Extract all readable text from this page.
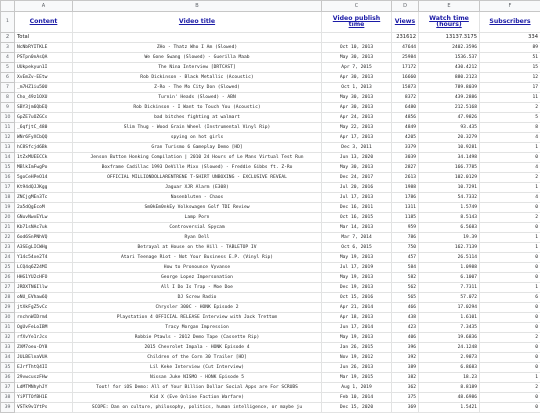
	A	B	C	D	E	F
1	Content	Video title	Video publish time	Views	Watch time (hours)	Subscribers
2	Total			231612	13137.3175	334
3	NcNbRYITKLE	ZHo - Thatz Who I Am (Slowed)	Oct 10, 2013	47644	2402.3596	89
4	PSTpn0nAsQA	We Gone Swang (Slowed) - Guerilla Maab	May 30, 2013	25984	1536.537	51
5	UUkpekyun1I	The Nina Interview [DRTCAST]	Apr 7, 2015	17172	430.4212	15
6	XvEmZv-EEtw	Rob Dickinson - Black Metallic (Acoustic)	Apr 30, 2013	16660	880.2123	12
7	_m7HZ1iu50U	Z-Ro - The Mo City Don (Slowed)	Oct 1, 2013	15873	789.8039	17
8	Cho_49z1OXU	Turnin' Heads (Slowed) - ABN	May 30, 2013	8372	439.2886	11
9	SBY3jm6QbEQ	Rob Dickinson - I Want to Touch You (Acoustic)	Apr 30, 2013	6480	212.5168	2
10	GpZE7uOZGCs	bad bitches fighting at walmart	Apr 24, 2013	4856	47.9826	5
11	_6qfjtC_480	Slim Thug - Wood Grain Wheel (Instrumental Vinyl Rip)	May 22, 2013	4849	93.435	8
12	WNr6FyXCbQQ	spying on hot girls	Apr 17, 2013	4205	20.3279	4
13	hC8Sfcjd6Bk	Gran Turismo 6 Gameplay Demo [HD]	Dec 3, 2011	3379	10.9281	1
14	1tZxMUEECCk	Jenson Button Honking Compilation | 2010 24 Hours of Le Mans Virtual Test Run	Jun 13, 2020	3039	34.1498	0
15	MBlkImFwgPo	Boxframe Cadillac 1993 DeVille Mixx (Slowed) - Freddie Gibbs ft. Z-Ro	May 30, 2013	2827	166.7785	4
16	5goCeHPeO14	OFFICIAL MILLIONDOLLARENTRENE T-SHIRT UNBOXING - EXCLUSIVE REVEAL	Dec 24, 2017	2613	102.0129	2
17	Kt94dQJJKgg	Jaguar XJR Alarm (E308)	Jul 20, 2016	1988	10.7291	1
18	ZNCjgMEn3Tc	Nasenbluten - Chaos	Jul 17, 2013	1786	54.7332	4
19	2a5dQgEcoM	Sm0kEm0nkEy Volkswagen Golf TDI Review	Dec 16, 2011	1311	1.5749	0
20	GNuvNwxEYLw	Lamp Porn	Oct 16, 2015	1185	8.5143	2
21	Kb71sNAc7uk	Controversial Spycam	Mar 14, 2013	959	6.5683	0
22	6od6SnPNhVQ	Ryan Dell	Mar 7, 2014	786	19.39	1
23	A3SEgLICWHg	Betrayal at House on the Hill - TABLETOP IV	Oct 6, 2015	750	162.7139	1
24	Y14c54xe2T4	Atari Teenage Riot - Not Your Business E.P. (Vinyl Rip)	May 19, 2013	457	26.5114	0
25	LCQ4q6Z24MI	How to Pronounce Vyvanse	Jul 17, 2019	584	1.0988	0
26	HHG1YU2cHFO	George Lopez Impersonation	May 19, 2013	582	6.1007	0
27	JRDXTN6Illw	All I Do Is Trap - Moe Doe	Dec 19, 2013	562	7.7311	1
28	oNU_EVhaw6Q	DJ Screw Radio	Oct 15, 2016	565	57.072	6
29	jtXkFgZ5vCc	Chrysler 300C - HONK Episode 2	Apr 21, 2014	466	17.0294	0
30	rnchnWIDrm4	Playstation 4 OFFICIAL RELEASE Interview with Jack Trettom	Apr 18, 2013	438	1.6101	0
31	OgUvFeLoIBM	Tracy Morgan Impression	Jun 17, 2014	423	7.3435	0
32	rfXvYe1rJcs	Robbie Ptawls - 2012 Demo Tape (Cassette Rip)	May 19, 2013	406	19.6836	2
33	ZXM7oeu-DY8	2015 Chevrolet Impala - HONK Episode 4	Jan 26, 2015	396	24.1248	0
34	JULBElnaVUA	Children of the Corn 30 Trailer [HD]	Nov 19, 2012	392	2.9873	0
35	EJrfThtQ4II	Lil Keke Interview (Cut Interview)	Jun 26, 2013	389	6.8683	0
36	29vwcuszFHw	Nissan Juke NISMO - HONK Episode 5	Mar 19, 2015	382	18.23	1
37	LdMTMNhyhJY	Toot! for iOS Demo: All of Your Billion Dollar Social Apps are For SCRUBS	Aug 1, 2019	362	8.8189	2
38	YiPTTOfBH1E	Kid X (Eve Online Faction Warfare)	Feb 10, 2014	375	48.6986	0
39	VSTk9v1YtPs	SCOPE: Dan on culture, philosophy, politics, human intelligence, or maybe ju	Dec 15, 2020	369	1.5421	0
